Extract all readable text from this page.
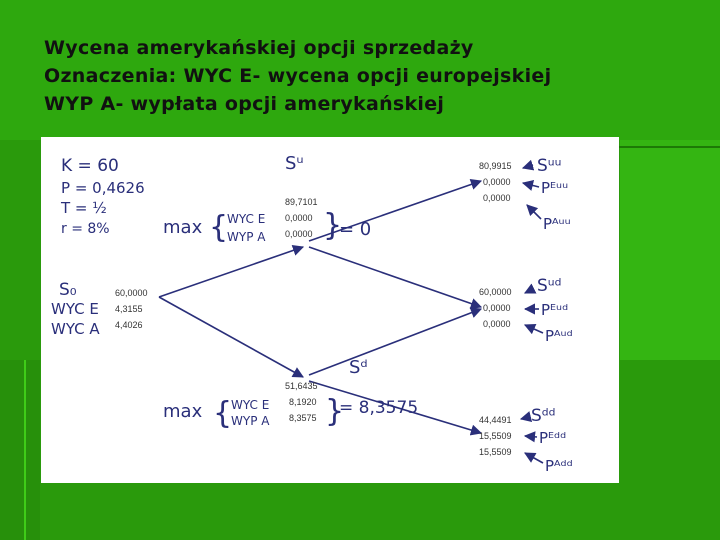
Wycena amerykańskiej opcji sprzedaży
Oznaczenia: WYC E- wycena opcji europejskiej
WYP A- wypłata opcji amerykańskiej
K = 60
P = 0,4626
T = ½
r = 8%
S₀
WYC E
WYC A
60,0000
4,3155
4,4026
Sᵘ
89,7101
0,0000
0,0000
max {
WYC E
WYP A }
= 0
Sᵈ
51,6435
8,1920
8,3575
max {
WYC E
WYP A }
= 8,3575
80,9915
0,0000
0,0000
Sᵘᵘ
Pᴱᵘᵘ
Pᴬᵘᵘ
60,0000
0,0000
0,0000
Sᵘᵈ
Pᴱᵘᵈ
Pᴬᵘᵈ
44,4491
15,5509
15,5509
Sᵈᵈ
Pᴱᵈᵈ
Pᴬᵈᵈ
